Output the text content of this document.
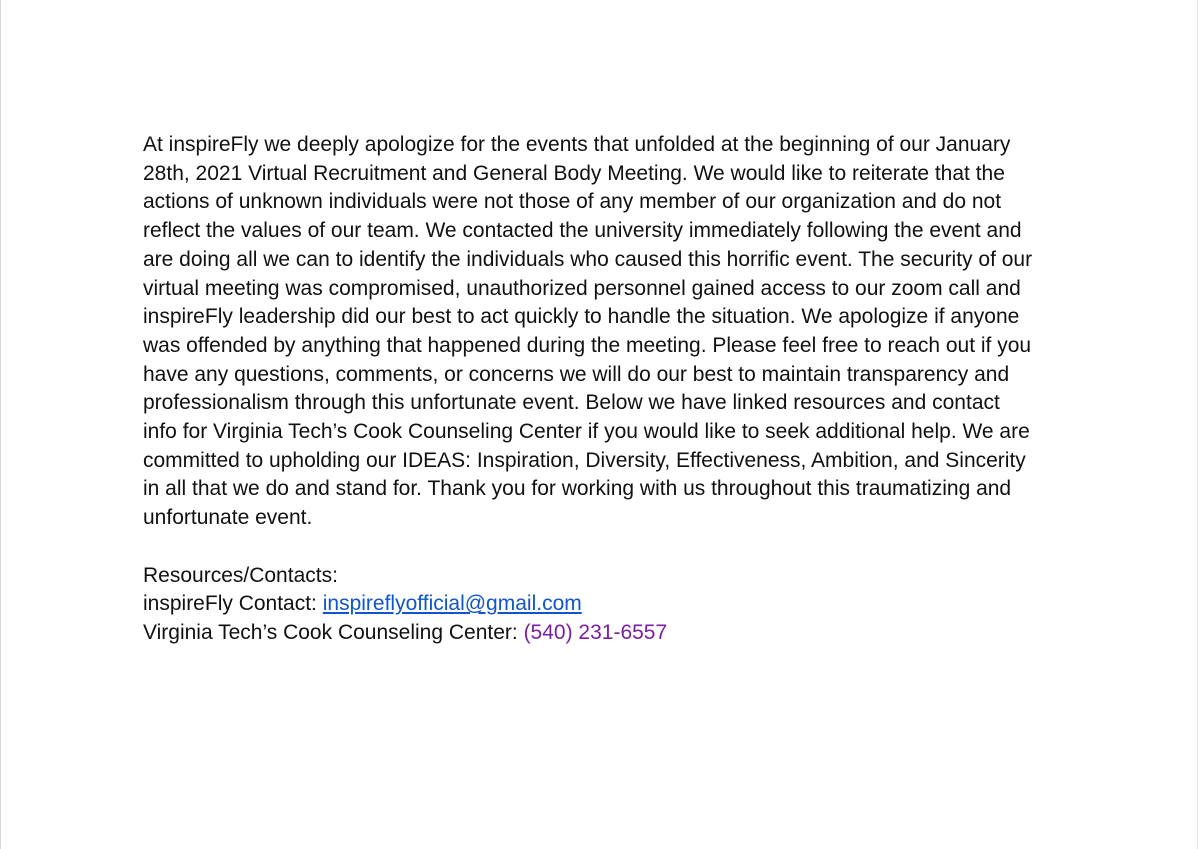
At inspireFly we deeply apologize for the events that unfolded at the beginning of our January
28th, 2021 Virtual Recruitment and General Body Meeting. We would like to reiterate that the
actions of unknown individuals were not those of any member of our organization and do not
reflect the values of our team. We contacted the university immediately following the event and
are doing all we can to identify the individuals who caused this horrific event. The security of our
virtual meeting was compromised, unauthorized personnel gained access to our zoom call and
inspireFly leadership did our best to act quickly to handle the situation. We apologize if anyone
was offended by anything that happened during the meeting. Please feel free to reach out if you
have any questions, comments, or concerns we will do our best to maintain transparency and
professionalism through this unfortunate event. Below we have linked resources and contact
info for Virginia Tech’s Cook Counseling Center if you would like to seek additional help. We are
committed to upholding our IDEAS: Inspiration, Diversity, Effectiveness, Ambition, and Sincerity
in all that we do and stand for. Thank you for working with us throughout this traumatizing and
unfortunate event.

Resources/Contacts:
inspireFly Contact: inspireflyofficial@gmail.com
Virginia Tech’s Cook Counseling Center: (540) 231-6557
